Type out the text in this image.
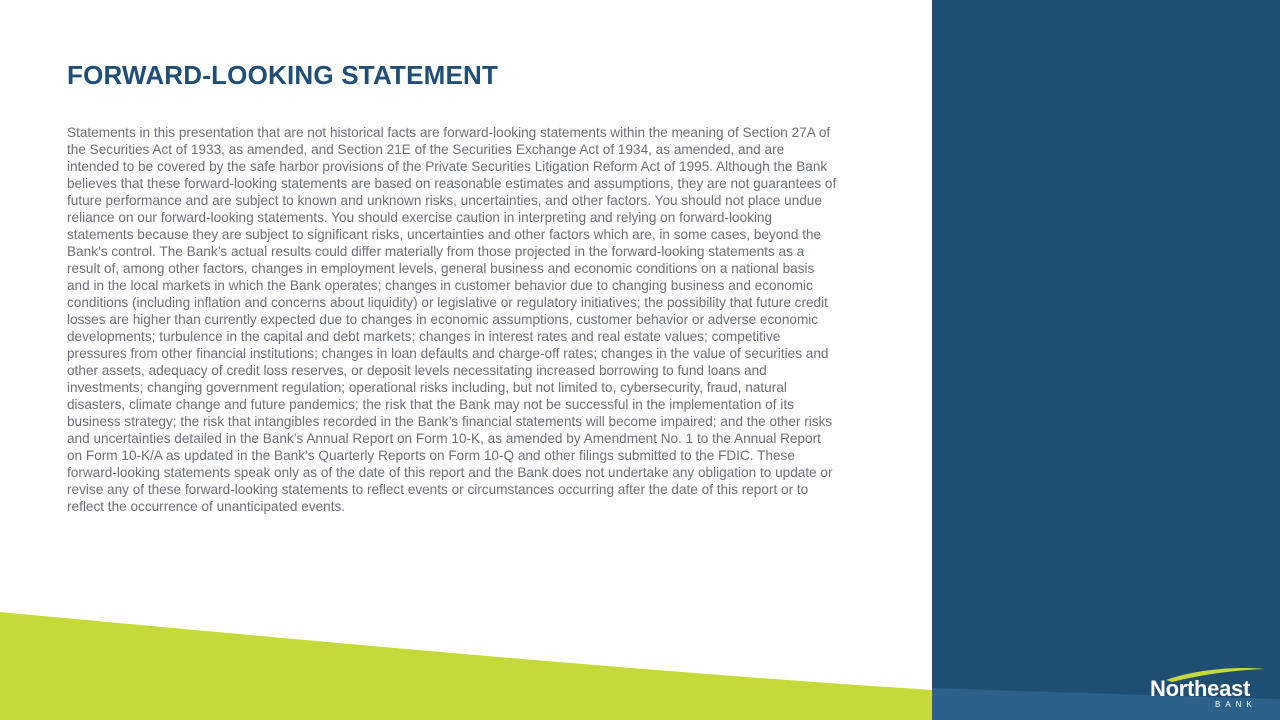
FORWARD-LOOKING STATEMENT

Statements in this presentation that are not historical facts are forward-looking statements within the meaning of Section 27A of the Securities Act of 1933, as amended, and Section 21E of the Securities Exchange Act of 1934, as amended, and are intended to be covered by the safe harbor provisions of the Private Securities Litigation Reform Act of 1995. Although the Bank believes that these forward-looking statements are based on reasonable estimates and assumptions, they are not guarantees of future performance and are subject to known and unknown risks, uncertainties, and other factors. You should not place undue reliance on our forward-looking statements. You should exercise caution in interpreting and relying on forward-looking statements because they are subject to significant risks, uncertainties and other factors which are, in some cases, beyond the Bank’s control. The Bank’s actual results could differ materially from those projected in the forward-looking statements as a result of, among other factors, changes in employment levels, general business and economic conditions on a national basis and in the local markets in which the Bank operates; changes in customer behavior due to changing business and economic conditions (including inflation and concerns about liquidity) or legislative or regulatory initiatives; the possibility that future credit losses are higher than currently expected due to changes in economic assumptions, customer behavior or adverse economic developments; turbulence in the capital and debt markets; changes in interest rates and real estate values; competitive pressures from other financial institutions; changes in loan defaults and charge-off rates; changes in the value of securities and other assets, adequacy of credit loss reserves, or deposit levels necessitating increased borrowing to fund loans and investments; changing government regulation; operational risks including, but not limited to, cybersecurity, fraud, natural disasters, climate change and future pandemics; the risk that the Bank may not be successful in the implementation of its business strategy; the risk that intangibles recorded in the Bank’s financial statements will become impaired; and the other risks and uncertainties detailed in the Bank’s Annual Report on Form 10-K, as amended by Amendment No. 1 to the Annual Report on Form 10-K/A as updated in the Bank’s Quarterly Reports on Form 10-Q and other filings submitted to the FDIC. These forward-looking statements speak only as of the date of this report and the Bank does not undertake any obligation to update or revise any of these forward-looking statements to reflect events or circumstances occurring after the date of this report or to reflect the occurrence of unanticipated events.

Northeast
BANK
